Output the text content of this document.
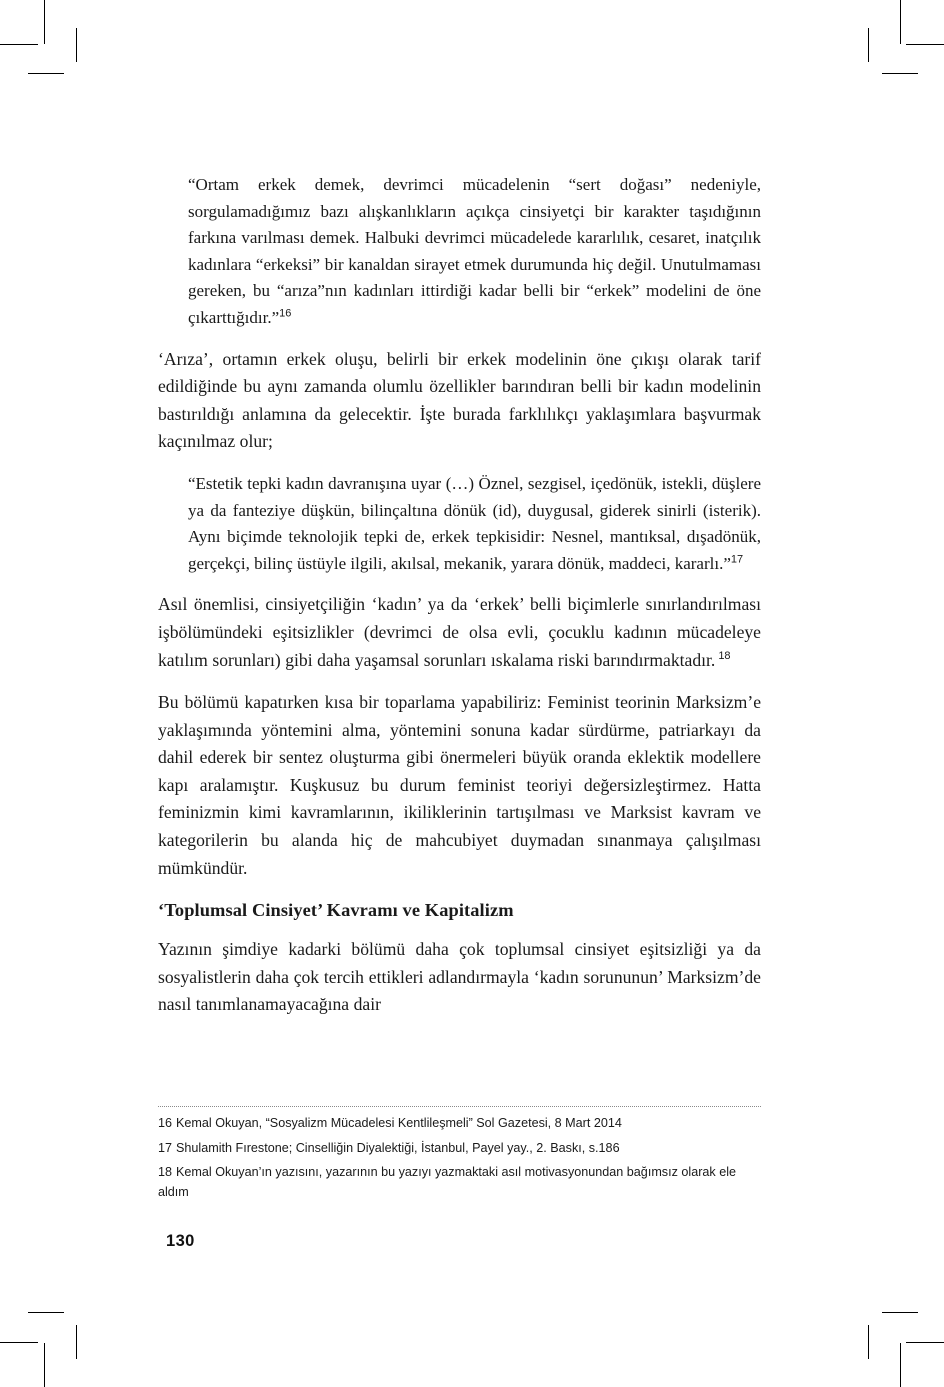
“Ortam erkek demek, devrimci mücadelenin “sert doğası” nedeniyle, sorgulamadığımız bazı alışkanlıkların açıkça cinsiyetçi bir karakter taşıdığının farkına varılması demek. Halbuki devrimci mücadelede kararlılık, cesaret, inatçılık kadınlara “erkeksi” bir kanaldan sirayet etmek durumunda hiç değil. Unutulmaması gereken, bu “arıza”nın kadınları ittirdiği kadar belli bir “erkek” modelini de öne çıkarttığıdır.”$^{16}$

‘Arıza’, ortamın erkek oluşu, belirli bir erkek modelinin öne çıkışı olarak tarif edildiğinde bu aynı zamanda olumlu özellikler barındıran belli bir kadın modelinin bastırıldığı anlamına da gelecektir. İşte burada farklılıkçı yaklaşımlara başvurmak kaçınılmaz olur;

“Estetik tepki kadın davranışına uyar (…) Öznel, sezgisel, içedönük, istekli, düşlere ya da fanteziye düşkün, bilinçaltına dönük (id), duygusal, giderek sinirli (isterik). Aynı biçimde teknolojik tepki de, erkek tepkisidir: Nesnel, mantıksal, dışadönük, gerçekçi, bilinç üstüyle ilgili, akılsal, mekanik, yarara dönük, maddeci, kararlı.”$^{17}$

Asıl önemlisi, cinsiyetçiliğin ‘kadın’ ya da ‘erkek’ belli biçimlerle sınırlandırılması işbölümündeki eşitsizlikler (devrimci de olsa evli, çocuklu kadının mücadeleye katılım sorunları) gibi daha yaşamsal sorunları ıskalama riski barındırmaktadır. $^{18}$

Bu bölümü kapatırken kısa bir toparlama yapabiliriz: Feminist teorinin Marksizm’e yaklaşımında yöntemini alma, yöntemini sonuna kadar sürdürme, patriarkayı da dahil ederek bir sentez oluşturma gibi önermeleri büyük oranda eklektik modellere kapı aralamıştır. Kuşkusuz bu durum feminist teoriyi değersizleştirmez. Hatta feminizmin kimi kavramlarının, ikiliklerinin tartışılması ve Marksist kavram ve kategorilerin bu alanda hiç de mahcubiyet duymadan sınanmaya çalışılması mümkündür.

‘Toplumsal Cinsiyet’ Kavramı ve Kapitalizm

Yazının şimdiye kadarki bölümü daha çok toplumsal cinsiyet eşitsizliği ya da sosyalistlerin daha çok tercih ettikleri adlandırmayla ‘kadın sorununun’ Marksizm’de nasıl tanımlanamayacağına dair

16 Kemal Okuyan, “Sosyalizm Mücadelesi Kentlileşmeli” Sol Gazetesi, 8 Mart 2014
17 Shulamith Fırestone; Cinselliğin Diyalektiği, İstanbul, Payel yay., 2. Baskı, s.186
18 Kemal Okuyan’ın yazısını, yazarının bu yazıyı yazmaktaki asıl motivasyonundan bağımsız olarak ele aldım
130
